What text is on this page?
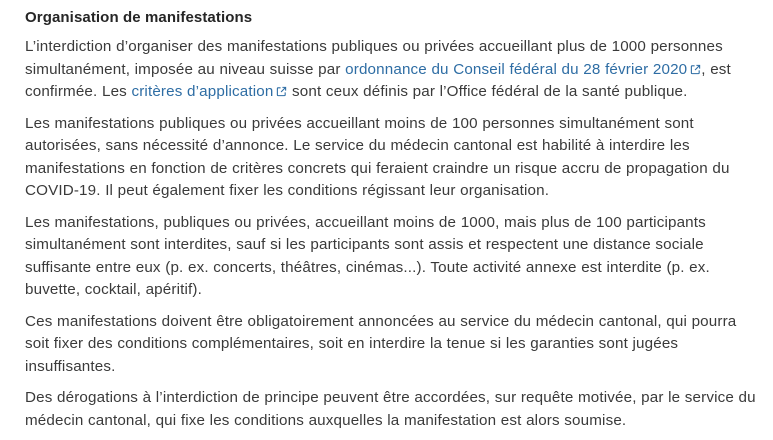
Organisation de manifestations

L’interdiction d’organiser des manifestations publiques ou privées accueillant plus de 1000 personnes simultanément, imposée au niveau suisse par ordonnance du Conseil fédéral du 28 février 2020 , est confirmée. Les critères d’application sont ceux définis par l’Office fédéral de la santé publique.

Les manifestations publiques ou privées accueillant moins de 100 personnes simultanément sont autorisées, sans nécessité d’annonce. Le service du médecin cantonal est habilité à interdire les manifestations en fonction de critères concrets qui feraient craindre un risque accru de propagation du COVID-19. Il peut également fixer les conditions régissant leur organisation.

Les manifestations, publiques ou privées, accueillant moins de 1000, mais plus de 100 participants simultanément sont interdites, sauf si les participants sont assis et respectent une distance sociale suffisante entre eux (p. ex. concerts, théâtres, cinémas...). Toute activité annexe est interdite (p. ex. buvette, cocktail, apéritif).

Ces manifestations doivent être obligatoirement annoncées au service du médecin cantonal, qui pourra soit fixer des conditions complémentaires, soit en interdire la tenue si les garanties sont jugées insuffisantes.

Des dérogations à l’interdiction de principe peuvent être accordées, sur requête motivée, par le service du médecin cantonal, qui fixe les conditions auxquelles la manifestation est alors soumise.
